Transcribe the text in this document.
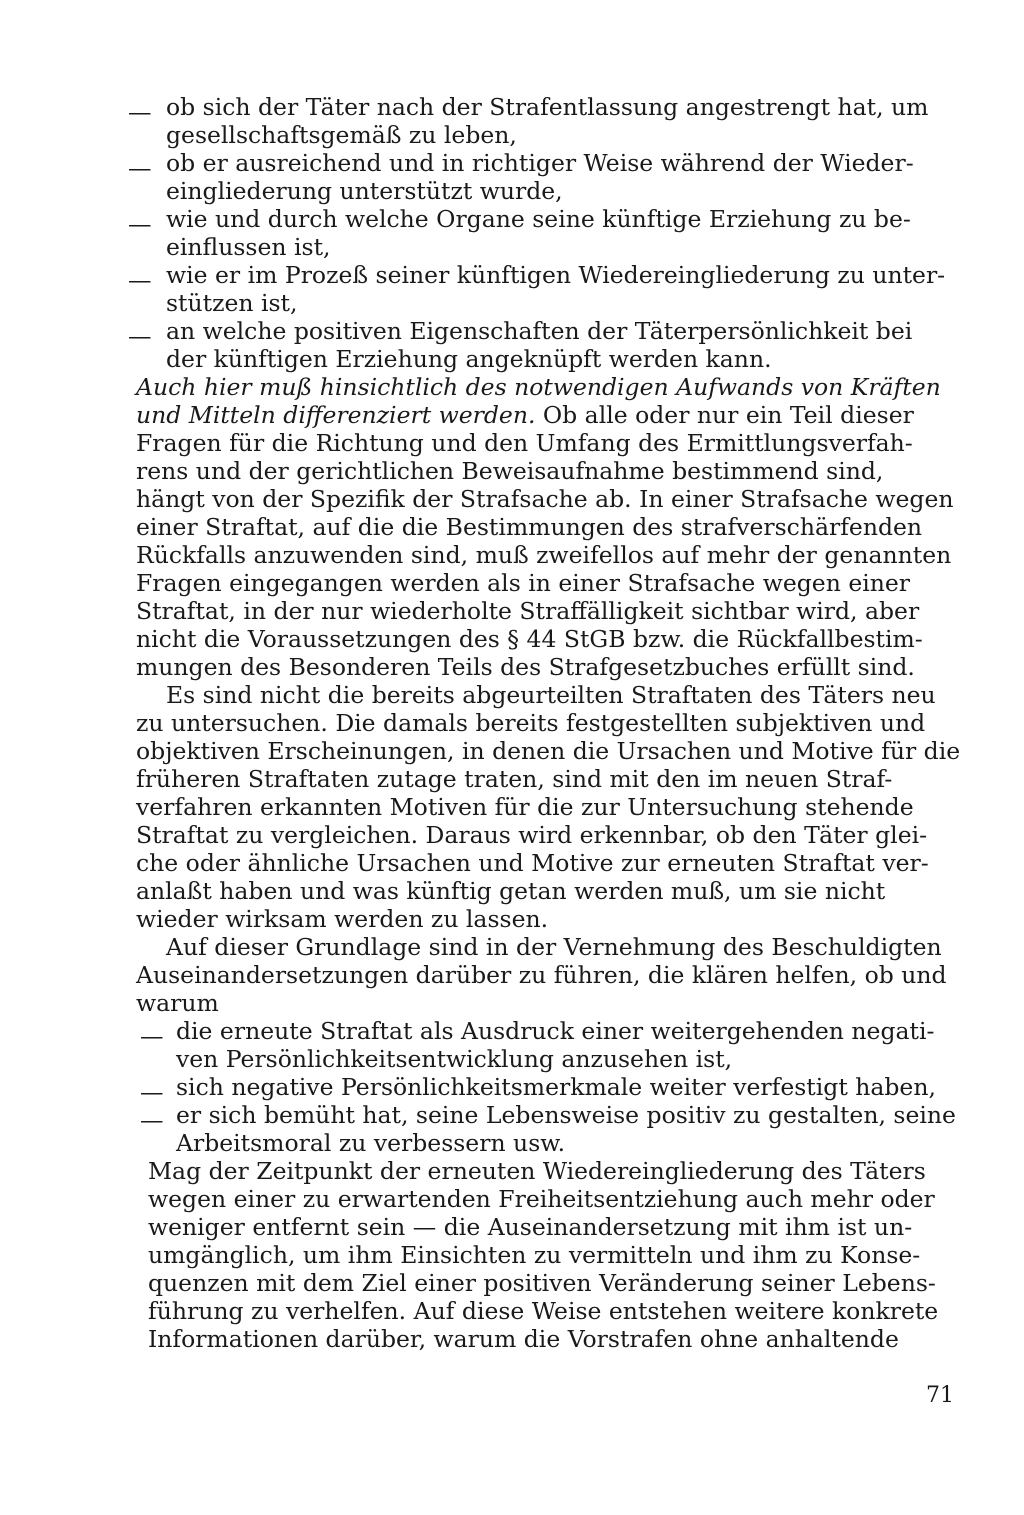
— ob sich der Täter nach der Strafentlassung angestrengt hat, um
gesellschaftsgemäß zu leben,
— ob er ausreichend und in richtiger Weise während der Wieder-
eingliederung unterstützt wurde,
— wie und durch welche Organe seine künftige Erziehung zu be-
einflussen ist,
— wie er im Prozeß seiner künftigen Wiedereingliederung zu unter-
stützen ist,
— an welche positiven Eigenschaften der Täterpersönlichkeit bei
der künftigen Erziehung angeknüpft werden kann.
Auch hier muß hinsichtlich des notwendigen Aufwands von Kräften
und Mitteln differenziert werden. Ob alle oder nur ein Teil dieser
Fragen für die Richtung und den Umfang des Ermittlungsverfah-
rens und der gerichtlichen Beweisaufnahme bestimmend sind,
hängt von der Spezifik der Strafsache ab. In einer Strafsache wegen
einer Straftat, auf die die Bestimmungen des strafverschärfenden
Rückfalls anzuwenden sind, muß zweifellos auf mehr der genannten
Fragen eingegangen werden als in einer Strafsache wegen einer
Straftat, in der nur wiederholte Straffälligkeit sichtbar wird, aber
nicht die Voraussetzungen des § 44 StGB bzw. die Rückfallbestim-
mungen des Besonderen Teils des Strafgesetzbuches erfüllt sind.
Es sind nicht die bereits abgeurteilten Straftaten des Täters neu
zu untersuchen. Die damals bereits festgestellten subjektiven und
objektiven Erscheinungen, in denen die Ursachen und Motive für die
früheren Straftaten zutage traten, sind mit den im neuen Straf-
verfahren erkannten Motiven für die zur Untersuchung stehende
Straftat zu vergleichen. Daraus wird erkennbar, ob den Täter glei-
che oder ähnliche Ursachen und Motive zur erneuten Straftat ver-
anlaßt haben und was künftig getan werden muß, um sie nicht
wieder wirksam werden zu lassen.
Auf dieser Grundlage sind in der Vernehmung des Beschuldigten
Auseinandersetzungen darüber zu führen, die klären helfen, ob und
warum
— die erneute Straftat als Ausdruck einer weitergehenden negati-
ven Persönlichkeitsentwicklung anzusehen ist,
— sich negative Persönlichkeitsmerkmale weiter verfestigt haben,
— er sich bemüht hat, seine Lebensweise positiv zu gestalten, seine
Arbeitsmoral zu verbessern usw.
Mag der Zeitpunkt der erneuten Wiedereingliederung des Täters
wegen einer zu erwartenden Freiheitsentziehung auch mehr oder
weniger entfernt sein — die Auseinandersetzung mit ihm ist un-
umgänglich, um ihm Einsichten zu vermitteln und ihm zu Konse-
quenzen mit dem Ziel einer positiven Veränderung seiner Lebens-
führung zu verhelfen. Auf diese Weise entstehen weitere konkrete
Informationen darüber, warum die Vorstrafen ohne anhaltende
71
